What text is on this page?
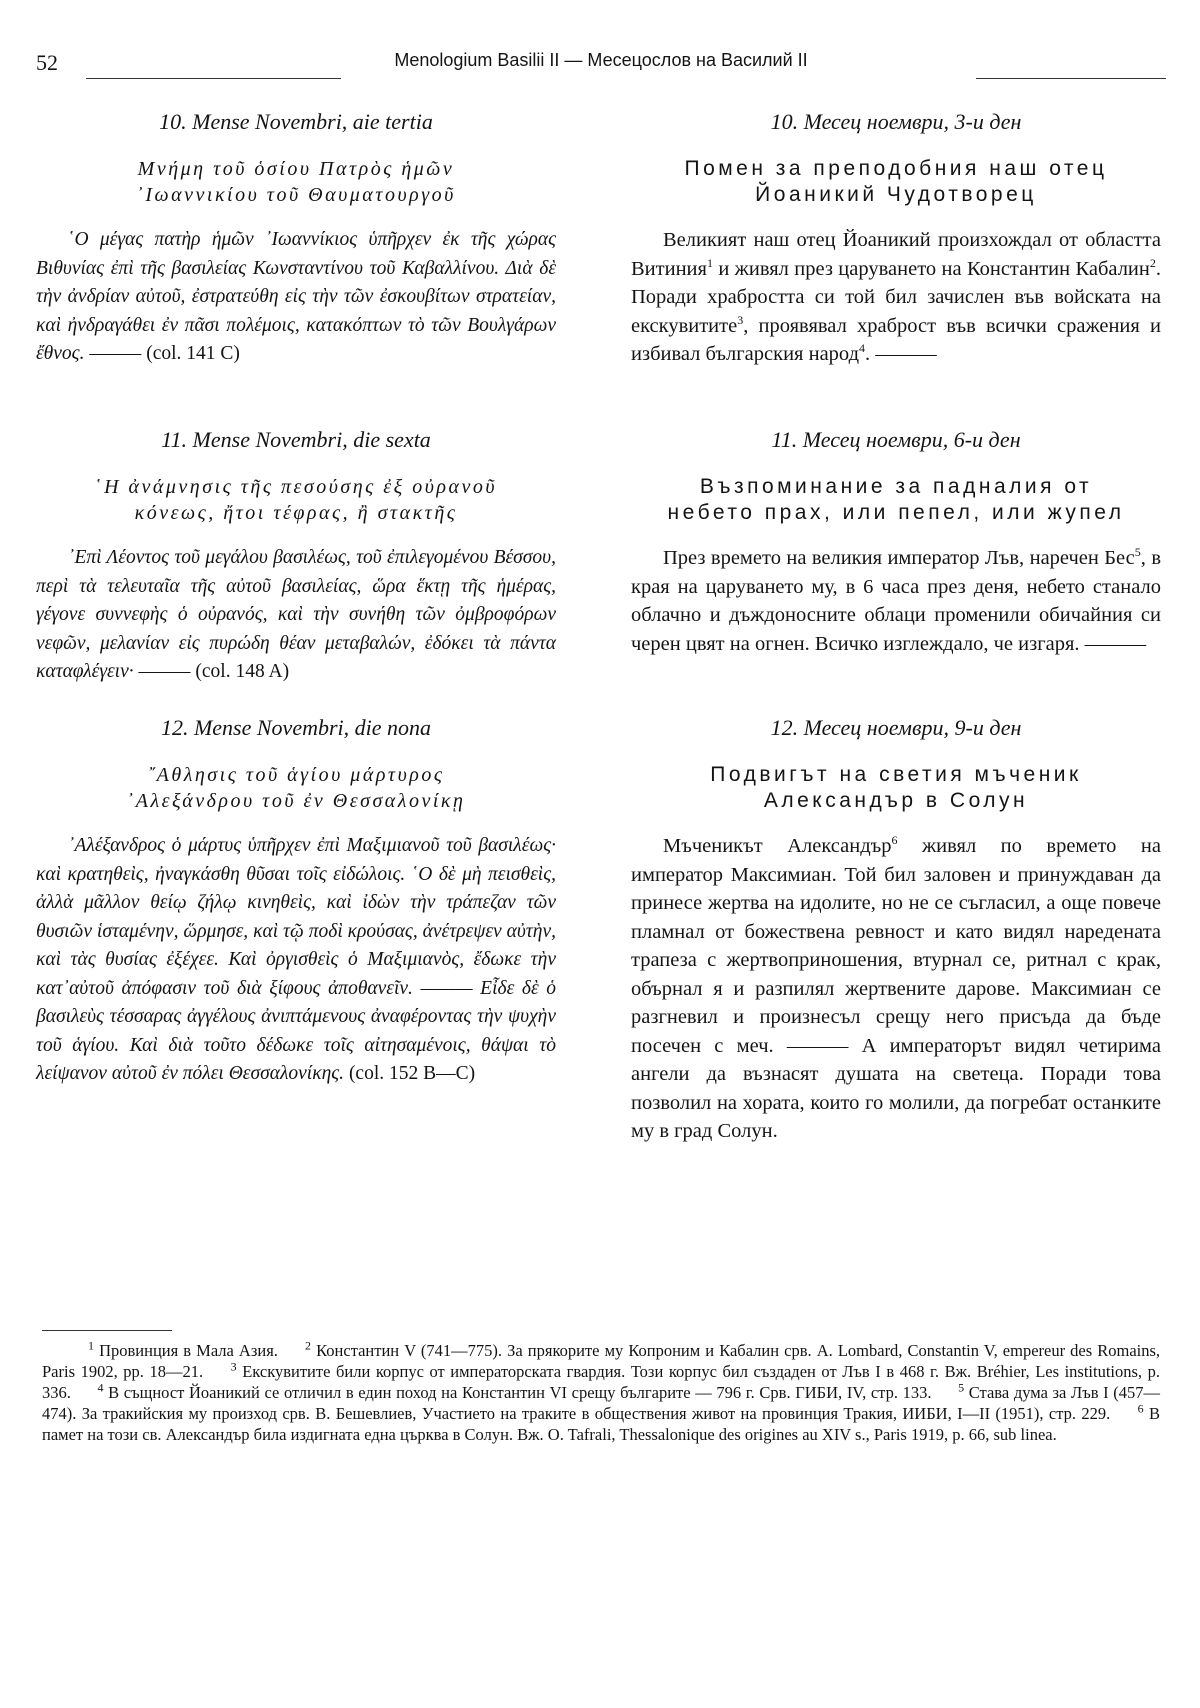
52	Menologium Basilii II — Месецослов на Василий II
10. Mense Novembri, aie tertia
Μνήμη τοῦ ὁσίου Πατρὸς ἡμῶν
᾿Ιωαννικίου τοῦ Θαυματουργοῦ

῾Ο μέγας πατὴρ ἡμῶν ᾿Ιωαννίκιος ὑπῆρχεν ἐκ τῆς χώρας Βιθυνίας ἐπὶ τῆς βασιλείας Κωνσταντίνου τοῦ Καβαλλίνου. Διὰ δὲ τὴν ἀνδρίαν αὐτοῦ, ἐστρατεύθη εἰς τὴν τῶν ἐσκουβίτων στρατείαν, καὶ ἠνδραγάθει ἐν πᾶσι πολέμοις, κατακόπτων τὸ τῶν Βουλγάρων ἔθνος. ——— (col. 141 C)

11. Mense Novembri, die sexta
῾Η ἀνάμνησις τῆς πεσούσης ἐξ οὐρανοῦ
κόνεως, ἤτοι τέφρας, ἢ στακτῆς

᾿Επὶ Λέοντος τοῦ μεγάλου βασιλέως, τοῦ ἐπιλεγομένου Βέσσου, περὶ τὰ τελευταῖα τῆς αὐτοῦ βασιλείας, ὥρα ἕκτῃ τῆς ἡμέρας, γέγονε συννεφὴς ὁ οὐρανός, καὶ τὴν συνήθη τῶν ὀμβροφόρων νεφῶν, μελανίαν εἰς πυρώδη θέαν μεταβαλών, ἐδόκει τὰ πάντα καταφλέγειν· ——— (col. 148 A)

12. Mense Novembri, die nona
῎Αθλησις τοῦ ἁγίου μάρτυρος
᾿Αλεξάνδρου τοῦ ἐν Θεσσαλονίκῃ

᾿Αλέξανδρος ὁ μάρτυς ὑπῆρχεν ἐπὶ Μαξιμιανοῦ τοῦ βασιλέως· καὶ κρατηθεὶς, ἠναγκάσθη θῦσαι τοῖς εἰδώλοις. ῾Ο δὲ μὴ πεισθεὶς, ἀλλὰ μᾶλλον θείῳ ζήλῳ κινηθεὶς, καὶ ἰδὼν τὴν τράπεζαν τῶν θυσιῶν ἱσταμένην, ὥρμησε, καὶ τῷ ποδὶ κρούσας, ἀνέτρεψεν αὐτὴν, καὶ τὰς θυσίας ἐξέχεε. Καὶ ὀργισθεὶς ὁ Μαξιμιανὸς, ἔδωκε τὴν κατ᾿αὐτοῦ ἀπόφασιν τοῦ διὰ ξίφους ἀποθανεῖν. ——— Εἶδε δὲ ὁ βασιλεὺς τέσσαρας ἀγγέλους ἀνιπτάμενους ἀναφέροντας τὴν ψυχὴν τοῦ ἁγίου. Καὶ διὰ τοῦτο δέδωκε τοῖς αἰτησαμένοις, θάψαι τὸ λείψανον αὐτοῦ ἐν πόλει Θεσσαλονίκης. (col. 152 B—C)

10. Месец ноември, 3-и ден
Помен за преподобния наш отец
Йоаникий Чудотворец

Великият наш отец Йоаникий произхождал от областта Витиния$^1$ и живял през царуването на Константин Кабалин$^2$. Поради храбростта си той бил зачислен във войската на екскувитите$^3$, проявявал храброст във всички сражения и избивал българския народ$^4$. ———

11. Месец ноември, 6-и ден
Възпоминание за падналия от
небето прах, или пепел, или жупел

През времето на великия император Лъв, наречен Бес$^5$, в края на царуването му, в 6 часа през деня, небето станало облачно и дъждоносните облаци променили обичайния си черен цвят на огнен. Всичко изглеждало, че изгаря. ———

12. Месец ноември, 9-и ден
Подвигът на светия мъченик
Александър в Солун

Мъченикът Александър$^6$ живял по времето на император Максимиан. Той бил заловен и принуждаван да принесе жертва на идолите, но не се съгласил, а още повече пламнал от божествена ревност и като видял наредената трапеза с жертвоприношения, втурнал се, ритнал с крак, обърнал я и разпилял жертвените дарове. Максимиан се разгневил и произнесъл срещу него присъда да бъде посечен с меч. ——— А императорът видял четирима ангели да възнасят душата на светеца. Поради това позволил на хората, които го молили, да погребат останките му в град Солун.

$^1$ Провинция в Мала Азия. $^2$ Константин V (741—775). За прякорите му Копроним и Кабалин срв. A. Lombard, Constantin V, empereur des Romains, Paris 1902, pp. 18—21. $^3$ Екскувитите били корпус от императорската гвардия. Този корпус бил създаден от Лъв I в 468 г. Вж. Bréhier, Les institutions, p. 336. $^4$ В същност Йоаникий се отличил в един поход на Константин VI срещу българите — 796 г. Срв. ГИБИ, IV, стр. 133. $^5$ Става дума за Лъв I (457—474). За тракийския му произход срв. В. Бешевлиев, Участието на траките в обществения живот на провинция Тракия, ИИБИ, I—II (1951), стр. 229. $^6$ В памет на този св. Александър била издигната една църква в Солун. Вж. O. Tafrali, Thessalonique des origines au XIV s., Paris 1919, p. 66, sub linea.
